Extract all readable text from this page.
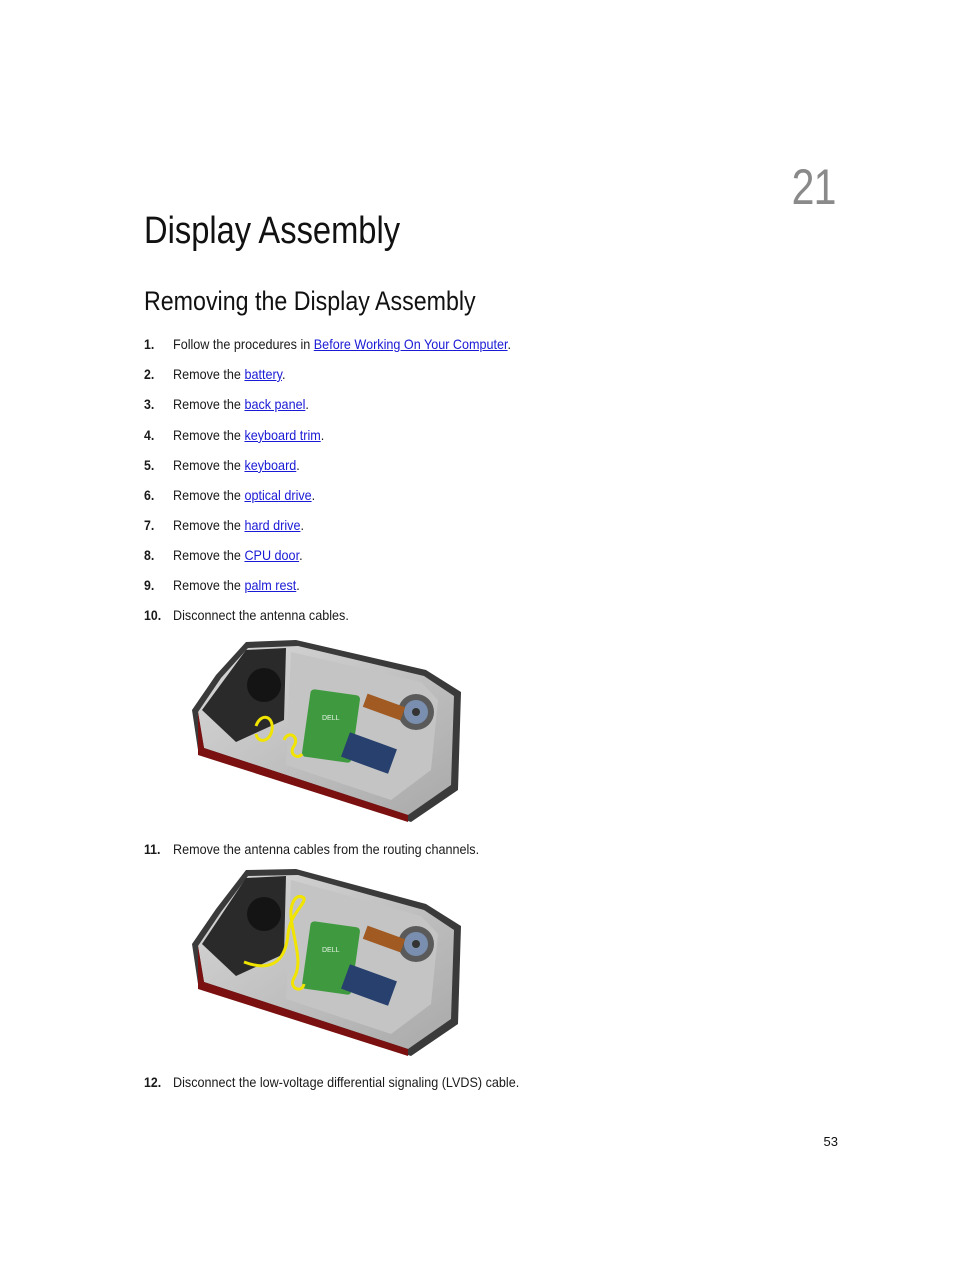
21
Display Assembly
Removing the Display Assembly
1. Follow the procedures in Before Working On Your Computer.
2. Remove the battery.
3. Remove the back panel.
4. Remove the keyboard trim.
5. Remove the keyboard.
6. Remove the optical drive.
7. Remove the hard drive.
8. Remove the CPU door.
9. Remove the palm rest.
10. Disconnect the antenna cables.
DELL
11. Remove the antenna cables from the routing channels.
DELL
12. Disconnect the low-voltage differential signaling (LVDS) cable.
53
